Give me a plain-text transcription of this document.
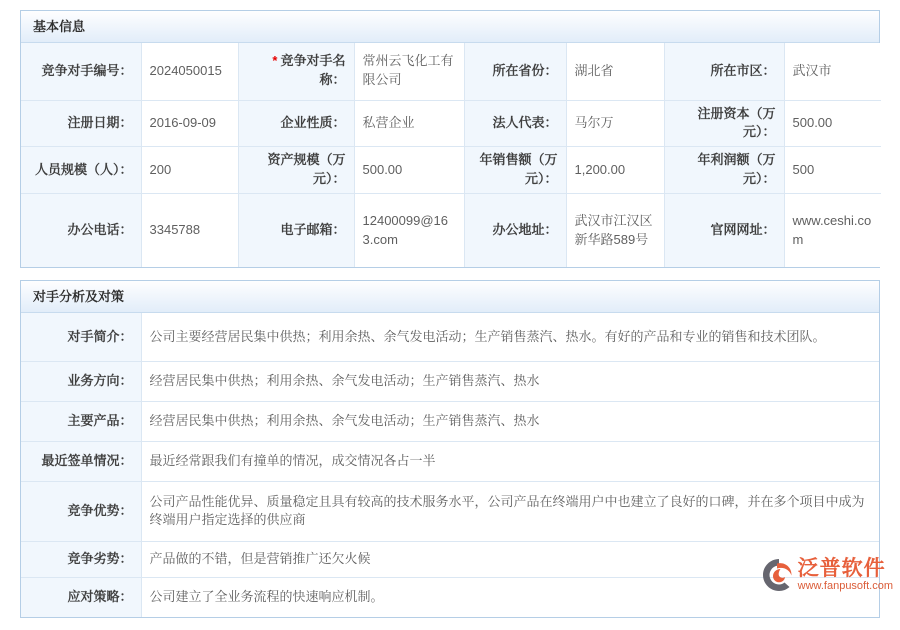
基本信息
竞争对手编号：	2024050015	* 竞争对手名称：	常州云飞化工有限公司	所在省份：	湖北省	所在市区：	武汉市
注册日期：	2016-09-09	企业性质：	私营企业	法人代表：	马尔万	注册资本（万元）：	500.00
人员规模（人）：	200	资产规模（万元）：	500.00	年销售额（万元）：	1,200.00	年利润额（万元）：	500
办公电话：	3345788	电子邮箱：	12400099@163.com	办公地址：	武汉市江汉区新华路589号	官网网址：	www.ceshi.com
对手分析及对策
对手简介：	公司主要经营居民集中供热；利用余热、余气发电活动；生产销售蒸汽、热水。有好的产品和专业的销售和技术团队。
业务方向：	经营居民集中供热；利用余热、余气发电活动；生产销售蒸汽、热水
主要产品：	经营居民集中供热；利用余热、余气发电活动；生产销售蒸汽、热水
最近签单情况：	最近经常跟我们有撞单的情况，成交情况各占一半
竞争优势：	公司产品性能优异、质量稳定且具有较高的技术服务水平，公司产品在终端用户中也建立了良好的口碑，并在多个项目中成为终端用户指定选择的供应商
竞争劣势：	产品做的不错，但是营销推广还欠火候
应对策略：	公司建立了全业务流程的快速响应机制。
泛普软件
www.fanpusoft.com
